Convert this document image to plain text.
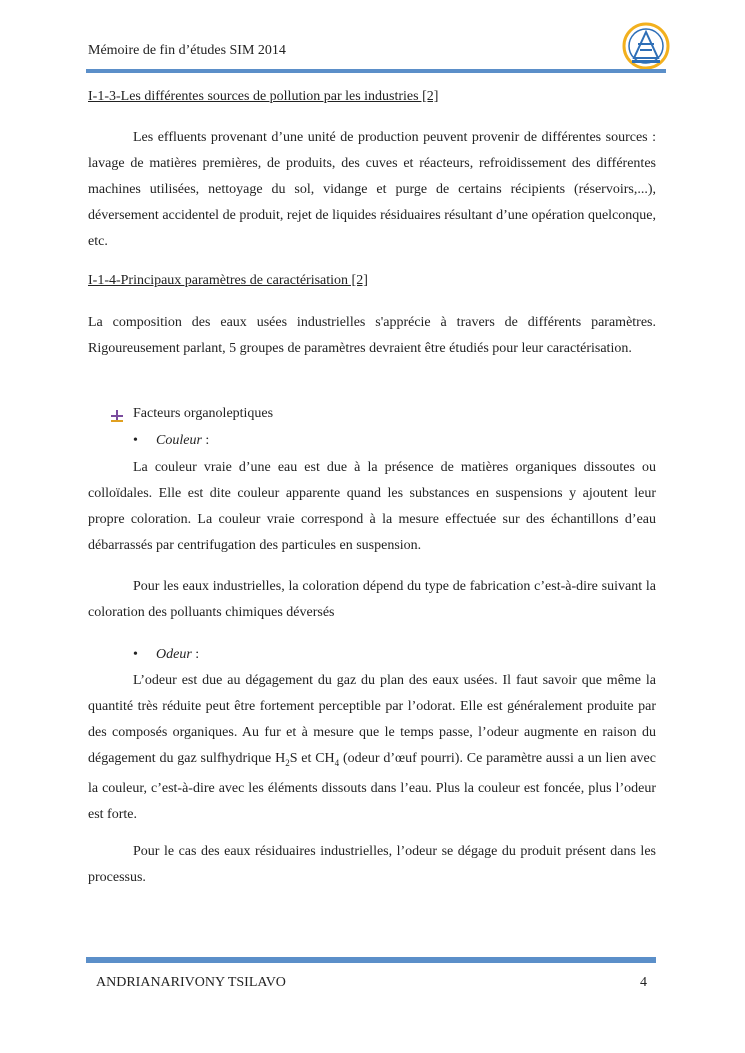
Mémoire de fin d’études SIM 2014
I-1-3-Les différentes sources de pollution par les industries [2]
Les effluents provenant d’une unité de production peuvent provenir de différentes sources : lavage de matières premières, de produits, des cuves et réacteurs, refroidissement des différentes machines utilisées, nettoyage du sol, vidange et purge de certains récipients (réservoirs,...), déversement accidentel de produit, rejet de liquides résiduaires résultant d’une opération quelconque, etc.
I-1-4-Principaux paramètres de caractérisation [2]
La composition des eaux usées industrielles s'apprécie à travers de différents paramètres. Rigoureusement parlant, 5 groupes de paramètres devraient être étudiés pour leur caractérisation.
Facteurs organoleptiques
• Couleur :
La couleur vraie d’une eau est due à la présence de matières organiques dissoutes ou colloïdales. Elle est dite couleur apparente quand les substances en suspensions y ajoutent leur propre coloration. La couleur vraie correspond à la mesure effectuée sur des échantillons d’eau débarrassés par centrifugation des particules en suspension.
Pour les eaux industrielles, la coloration dépend du type de fabrication c’est-à-dire suivant la coloration des polluants chimiques déversés
• Odeur :
L’odeur est due au dégagement du gaz du plan des eaux usées. Il faut savoir que même la quantité très réduite peut être fortement perceptible par l’odorat. Elle est généralement produite par des composés organiques. Au fur et à mesure que le temps passe, l’odeur augmente en raison du dégagement du gaz sulfhydrique $H_2S$ et $CH_4$ (odeur d’œuf pourri). Ce paramètre aussi a un lien avec la couleur, c’est-à-dire avec les éléments dissouts dans l’eau. Plus la couleur est foncée, plus l’odeur est forte.
Pour le cas des eaux résiduaires industrielles, l’odeur se dégage du produit présent dans les processus.
ANDRIANARIVONY TSILAVO	4
